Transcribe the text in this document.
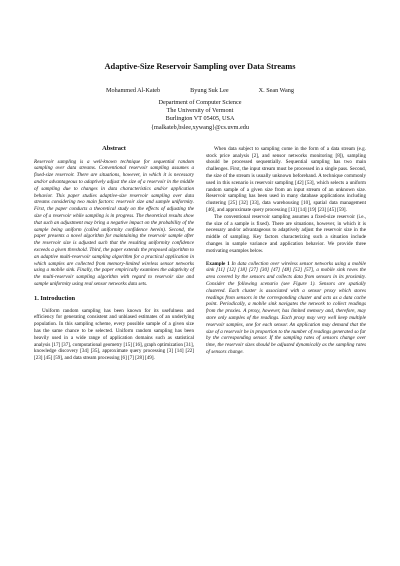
Adaptive-Size Reservoir Sampling over Data Streams
Mohammed Al-Kateb	Byung Suk Lee	X. Sean Wang
Department of Computer Science
The University of Vermont
Burlington VT 05405, USA
{malkateb,bslee,xywang}@cs.uvm.edu
Abstract

Reservoir sampling is a well-known technique for sequential random sampling over data streams. Conventional reservoir sampling assumes a fixed-size reservoir. There are situations, however, in which it is necessary and/or advantageous to adaptively adjust the size of a reservoir in the middle of sampling due to changes in data characteristics and/or application behavior. This paper studies adaptive-size reservoir sampling over data streams considering two main factors: reservoir size and sample uniformity. First, the paper conducts a theoretical study on the effects of adjusting the size of a reservoir while sampling is in progress. The theoretical results show that such an adjustment may bring a negative impact on the probability of the sample being uniform (called uniformity confidence herein). Second, the paper presents a novel algorithm for maintaining the reservoir sample after the reservoir size is adjusted such that the resulting uniformity confidence exceeds a given threshold. Third, the paper extends the proposed algorithm to an adaptive multi-reservoir sampling algorithm for a practical application in which samples are collected from memory-limited wireless sensor networks using a mobile sink. Finally, the paper empirically examines the adaptivity of the multi-reservoir sampling algorithm with regard to reservoir size and sample uniformity using real sensor networks data sets.

1. Introduction

Uniform random sampling has been known for its usefulness and efficiency for generating consistent and unbiased estimates of an underlying population. In this sampling scheme, every possible sample of a given size has the same chance to be selected. Uniform random sampling has been heavily used in a wide range of application domains such as statistical analysis [17] [37], computational geometry [15] [16], graph optimization [31], knowledge discovery [34] [35], approximate query processing [3] [14] [22] [23] [45] [59], and data stream processing [6] [7] [28] [49].

When data subject to sampling come in the form of a data stream (e.g. stock price analysis [2], and sensor networks monitoring [8]), sampling should be processed sequentially. Sequential sampling has two main challenges. First, the input stream must be processed in a single pass. Second, the size of the stream is usually unknown beforehand. A technique commonly used in this scenario is reservoir sampling [42] [53], which selects a uniform random sample of a given size from an input stream of an unknown size. Reservoir sampling has been used in many database applications including clustering [25] [32] [33], data warehousing [10], spatial data management [46], and approximate query processing [13] [14] [19] [23] [45] [59].

The conventional reservoir sampling assumes a fixed-size reservoir (i.e., the size of a sample is fixed). There are situations, however, in which it is necessary and/or advantageous to adaptively adjust the reservoir size in the middle of sampling. Key factors characterizing such a situation include changes in sample variance and application behavior. We provide three motivating examples below.

Example 1 In data collection over wireless sensor networks using a mobile sink [11] [12] [18] [27] [30] [47] [48] [52] [57], a mobile sink roves the area covered by the sensors and collects data from sensors in its proximity. Consider the following scenario (see Figure 1). Sensors are spatially clustered. Each cluster is associated with a sensor proxy which stores readings from sensors in the corresponding cluster and acts as a data cache point. Periodically, a mobile sink navigates the network to collect readings from the proxies. A proxy, however, has limited memory and, therefore, may store only samples of the readings. Each proxy may very well keep multiple reservoir samples, one for each sensor. An application may demand that the size of a reservoir be in proportion to the number of readings generated so far by the corresponding sensor. If the sampling rates of sensors change over time, the reservoir sizes should be adjusted dynamically as the sampling rates of sensors change.
